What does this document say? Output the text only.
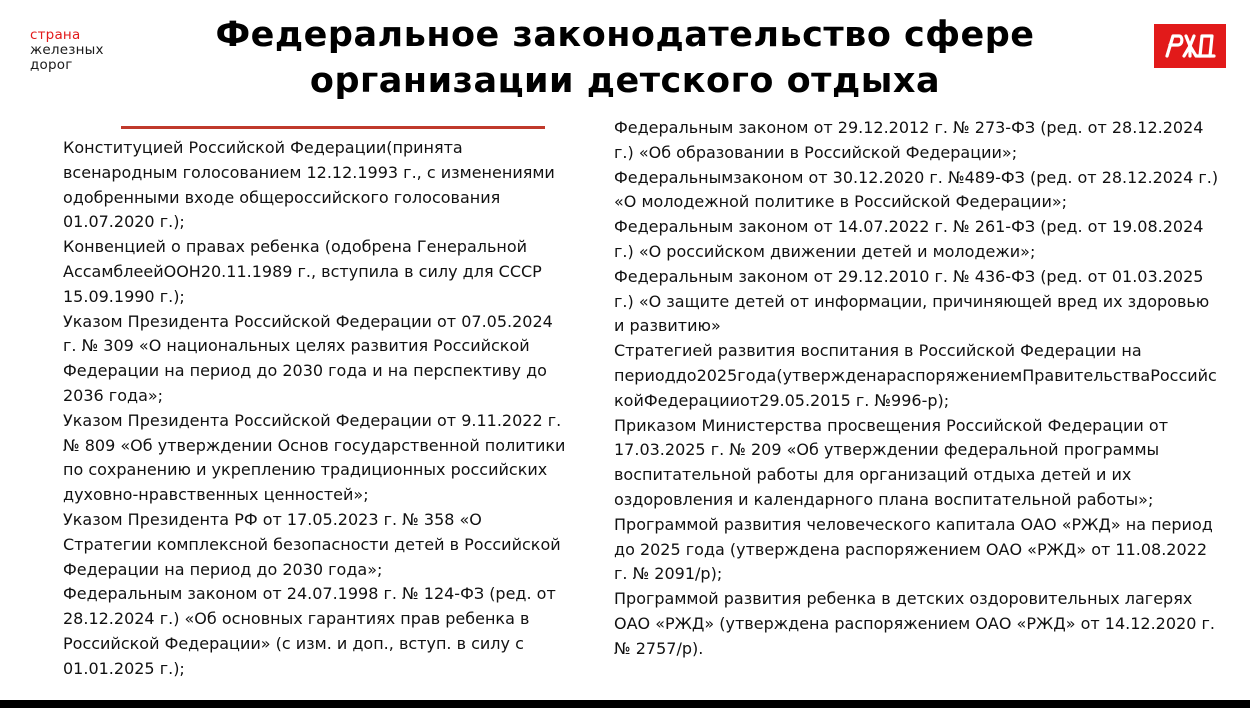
страна
железных
дорог
Федеральное законодательство сфере
организации детского отдыха

Конституцией Российской Федерации(принята всенародным голосованием 12.12.1993 г., с изменениями одобренными входе общероссийского голосования 01.07.2020 г.);

Конвенцией о правах ребенка (одобрена Генеральной АссамблеейООН20.11.1989 г., вступила в силу для СССР 15.09.1990 г.);

Указом Президента Российской Федерации от 07.05.2024 г. № 309 «О национальных целях развития Российской Федерации на период до 2030 года и на перспективу до 2036 года»;

Указом Президента Российской Федерации от 9.11.2022 г. № 809 «Об утверждении Основ государственной политики по сохранению и укреплению традиционных российских духовно-нравственных ценностей»;

Указом Президента РФ от 17.05.2023 г. № 358 «О Стратегии комплексной безопасности детей в Российской Федерации на период до 2030 года»;

Федеральным законом от 24.07.1998 г. № 124-ФЗ (ред. от 28.12.2024 г.) «Об основных гарантиях прав ребенка в Российской Федерации» (с изм. и доп., вступ. в силу с 01.01.2025 г.);

Федеральным законом от 29.12.2012 г. № 273-ФЗ (ред. от 28.12.2024 г.) «Об образовании в Российской Федерации»;

Федеральнымзаконом от 30.12.2020 г. №489-ФЗ (ред. от 28.12.2024 г.) «О молодежной политике в Российской Федерации»;

Федеральным законом от 14.07.2022 г. № 261-ФЗ (ред. от 19.08.2024 г.) «О российском движении детей и молодежи»;

Федеральным законом от 29.12.2010 г. № 436-ФЗ (ред. от 01.03.2025 г.) «О защите детей от информации, причиняющей вред их здоровью и развитию»

Стратегией развития воспитания в Российской Федерации на периоддо2025года(утвержденараспоряжениемПравительстваРоссийскойФедерацииот29.05.2015 г. №996-р);

Приказом Министерства просвещения Российской Федерации от 17.03.2025 г. № 209 «Об утверждении федеральной программы воспитательной работы для организаций отдыха детей и их оздоровления и календарного плана воспитательной работы»;

Программой развития человеческого капитала ОАО «РЖД» на период до 2025 года (утверждена распоряжением ОАО «РЖД» от 11.08.2022 г. № 2091/р);

Программой развития ребенка в детских оздоровительных лагерях ОАО «РЖД» (утверждена распоряжением ОАО «РЖД» от 14.12.2020 г. № 2757/р).
